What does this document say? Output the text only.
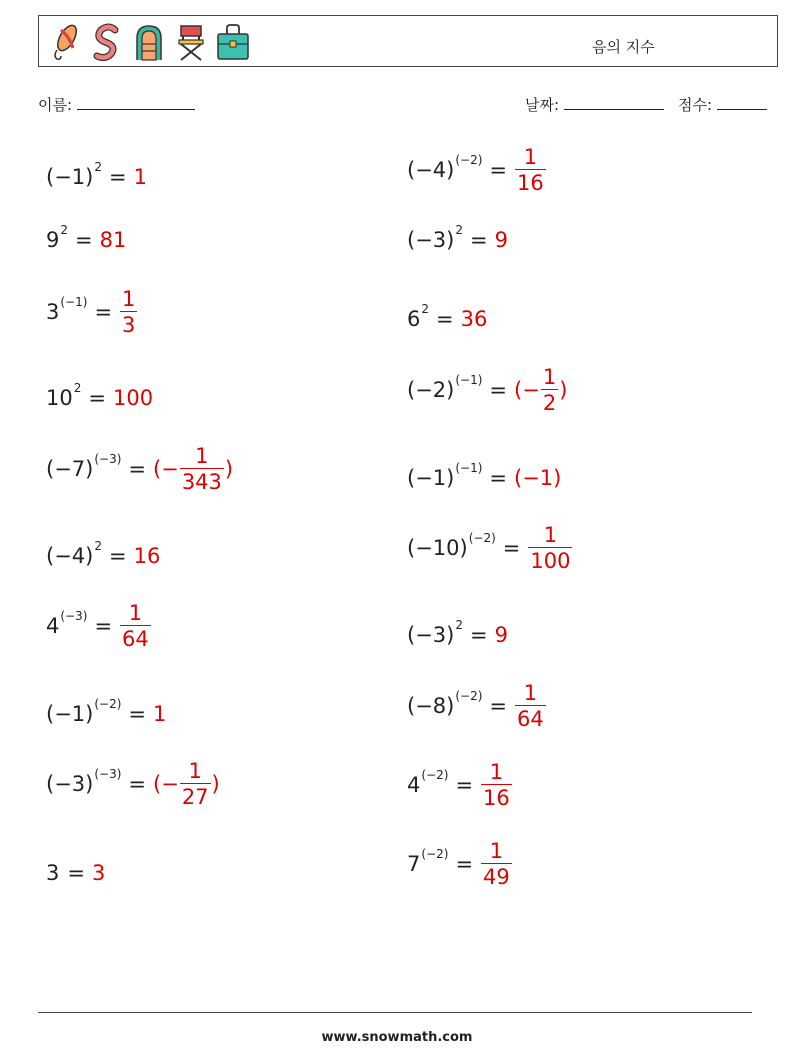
음의 지수
이름:	날짜:	점수:
$(-1)^2 = 1$
$9^2 = 81$
$3^{(-1)} = \frac{1}{3}$
$10^2 = 100$
$(-7)^{(-3)}$ = (− $\frac{1}{343}$ )
$(-4)^2 = 16$
$4^{(-3)} = \frac{1}{64}$
$(-1)^{(-2)} = 1$
$(-3)^{(-3)}$ = (− $\frac{1}{27}$ )
3 = 3
$(-4)^{(-2)} = \frac{1}{16}$
$(-3)^2 = 9$
$6^2 = 36$
$(-2)^{(-1)}$ = (− $\frac{1}{2}$ )
$(-1)^{(-1)} = (-1)$
$(-10)^{(-2)} = \frac{1}{100}$
$(-3)^2 = 9$
$(-8)^{(-2)} = \frac{1}{64}$
$4^{(-2)} = \frac{1}{16}$
$7^{(-2)} = \frac{1}{49}$
www.snowmath.com
